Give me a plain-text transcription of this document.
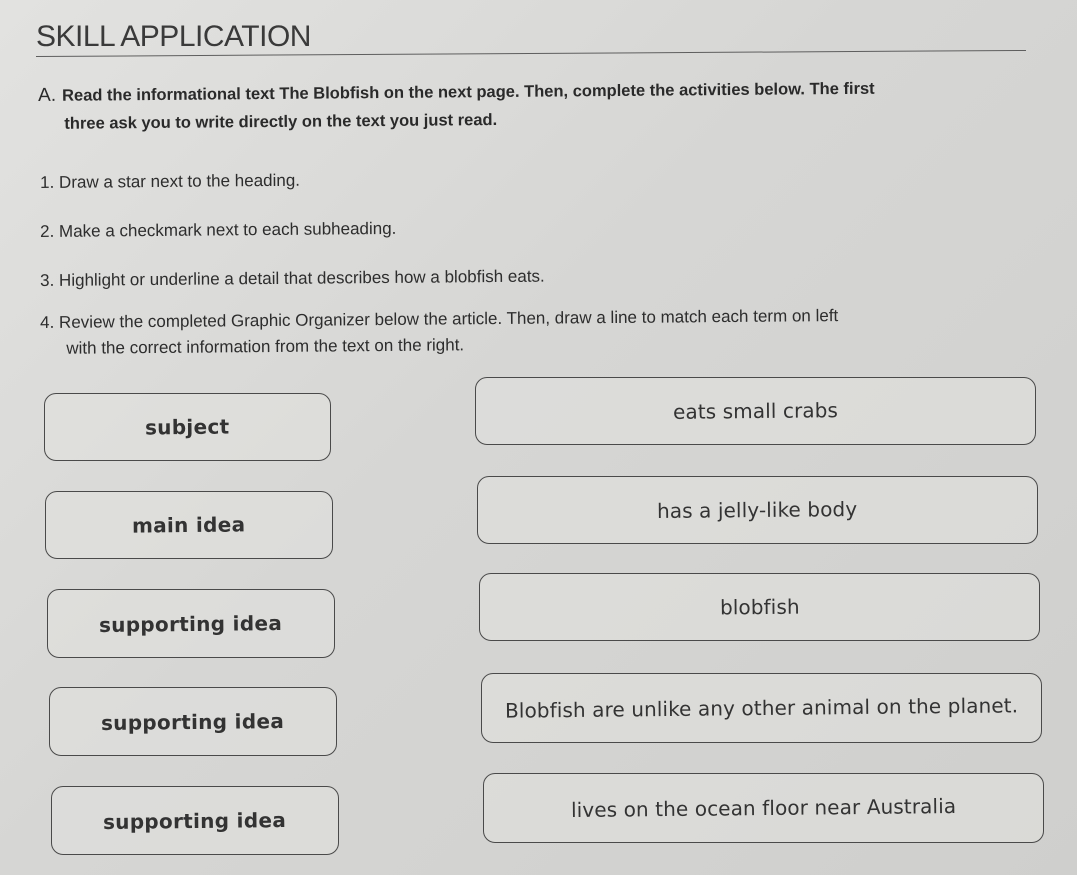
SKILL APPLICATION
A. Read the informational text The Blobfish on the next page. Then, complete the activities below. The first
three ask you to write directly on the text you just read.
1. Draw a star next to the heading.
2. Make a checkmark next to each subheading.
3. Highlight or underline a detail that describes how a blobfish eats.
4. Review the completed Graphic Organizer below the article. Then, draw a line to match each term on left
with the correct information from the text on the right.
subject
main idea
supporting idea
supporting idea
supporting idea
eats small crabs
has a jelly-like body
blobfish
Blobfish are unlike any other animal on the planet.
lives on the ocean floor near Australia
